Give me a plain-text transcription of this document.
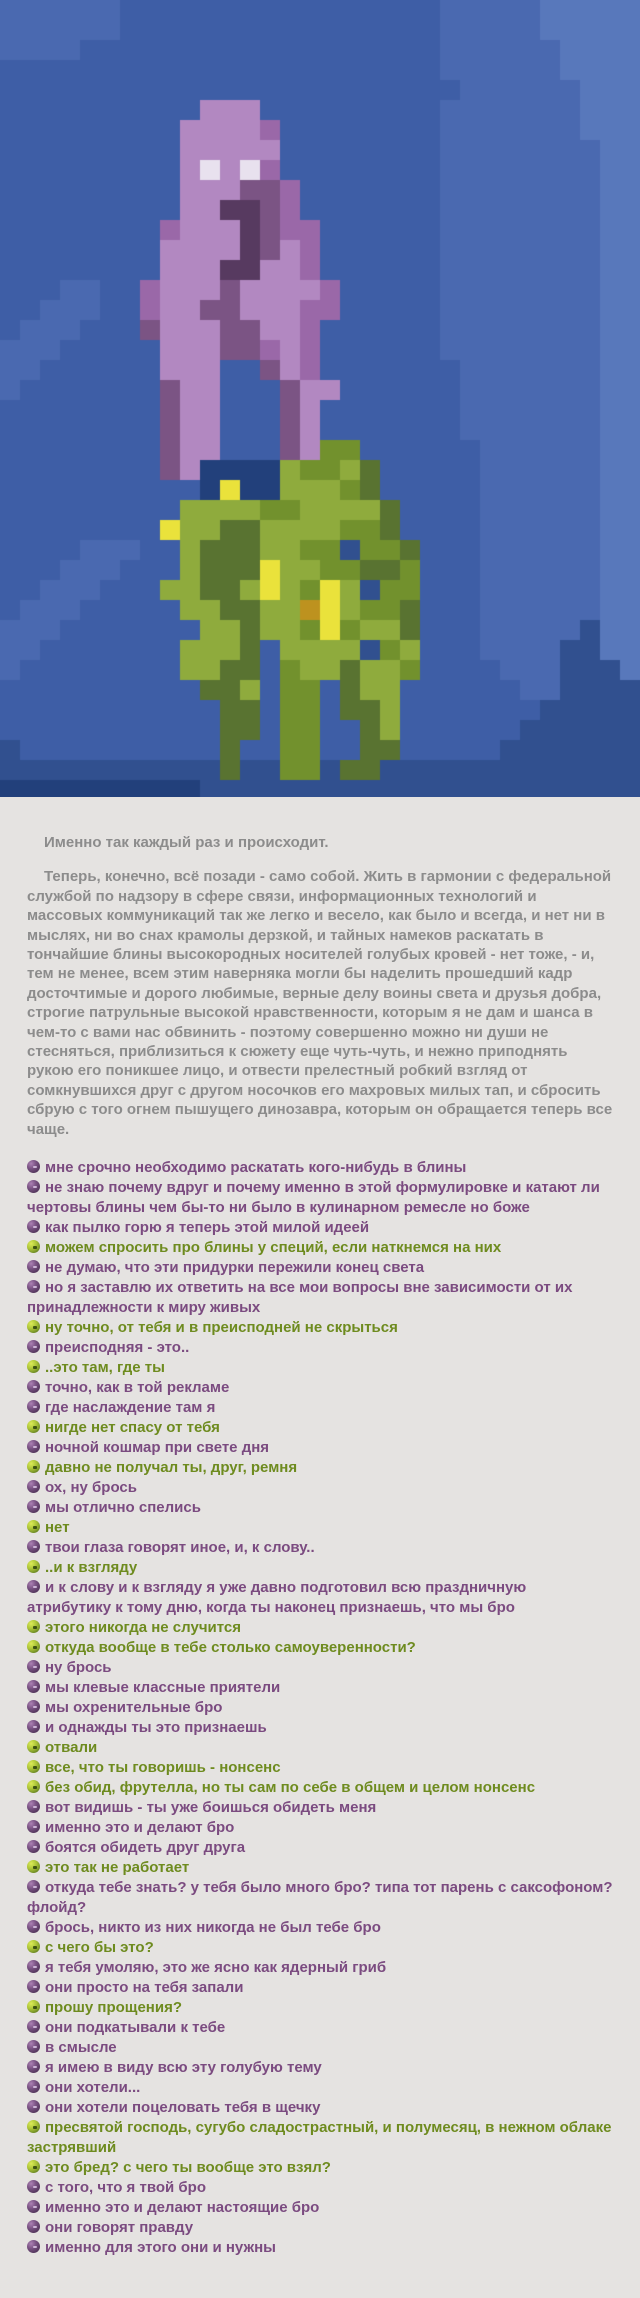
Именно так каждый раз и происходит.

Теперь, конечно, всё позади - само собой. Жить в гармонии с федеральной службой по надзору в сфере связи, информационных технологий и массовых коммуникаций так же легко и весело, как было и всегда, и нет ни в мыслях, ни во снах крамолы дерзкой, и тайных намеков раскатать в тончайшие блины высокородных носителей голубых кровей - нет тоже, - и, тем не менее, всем этим наверняка могли бы наделить прошедший кадр досточтимые и дорого любимые, верные делу воины света и друзья добра, строгие патрульные высокой нравственности, которым я не дам и шанса в чем-то с вами нас обвинить - поэтому совершенно можно ни души не стесняться, приблизиться к сюжету еще чуть-чуть, и нежно приподнять рукою его поникшее лицо, и отвести прелестный робкий взгляд от сомкнувшихся друг с другом носочков его махровых милых тап, и сбросить сбрую с того огнем пышущего динозавра, которым он обращается теперь все чаще.

мне срочно необходимо раскатать кого-нибудь в блины
не знаю почему вдруг и почему именно в этой формулировке и катают ли чертовы блины чем бы-то ни было в кулинарном ремесле но боже
как пылко горю я теперь этой милой идеей
можем спросить про блины у специй, если наткнемся на них
не думаю, что эти придурки пережили конец света
но я заставлю их ответить на все мои вопросы вне зависимости от их принадлежности к миру живых
ну точно, от тебя и в преисподней не скрыться
преисподняя - это..
..это там, где ты
точно, как в той рекламе
где наслаждение там я
нигде нет спасу от тебя
ночной кошмар при свете дня
давно не получал ты, друг, ремня
ох, ну брось
мы отлично спелись
нет
твои глаза говорят иное, и, к слову..
..и к взгляду
и к слову и к взгляду я уже давно подготовил всю праздничную атрибутику к тому дню, когда ты наконец признаешь, что мы бро
этого никогда не случится
откуда вообще в тебе столько самоуверенности?
ну брось
мы клевые классные приятели
мы охренительные бро
и однажды ты это признаешь
отвали
все, что ты говоришь - нонсенс
без обид, фрутелла, но ты сам по себе в общем и целом нонсенс
вот видишь - ты уже боишься обидеть меня
именно это и делают бро
боятся обидеть друг друга
это так не работает
откуда тебе знать? у тебя было много бро? типа тот парень с саксофоном? флойд?
брось, никто из них никогда не был тебе бро
с чего бы это?
я тебя умоляю, это же ясно как ядерный гриб
они просто на тебя запали
прошу прощения?
они подкатывали к тебе
в смысле
я имею в виду всю эту голубую тему
они хотели...
они хотели поцеловать тебя в щечку
пресвятой господь, сугубо сладострастный, и полумесяц, в нежном облаке застрявший
это бред? с чего ты вообще это взял?
с того, что я твой бро
именно это и делают настоящие бро
они говорят правду
именно для этого они и нужны
